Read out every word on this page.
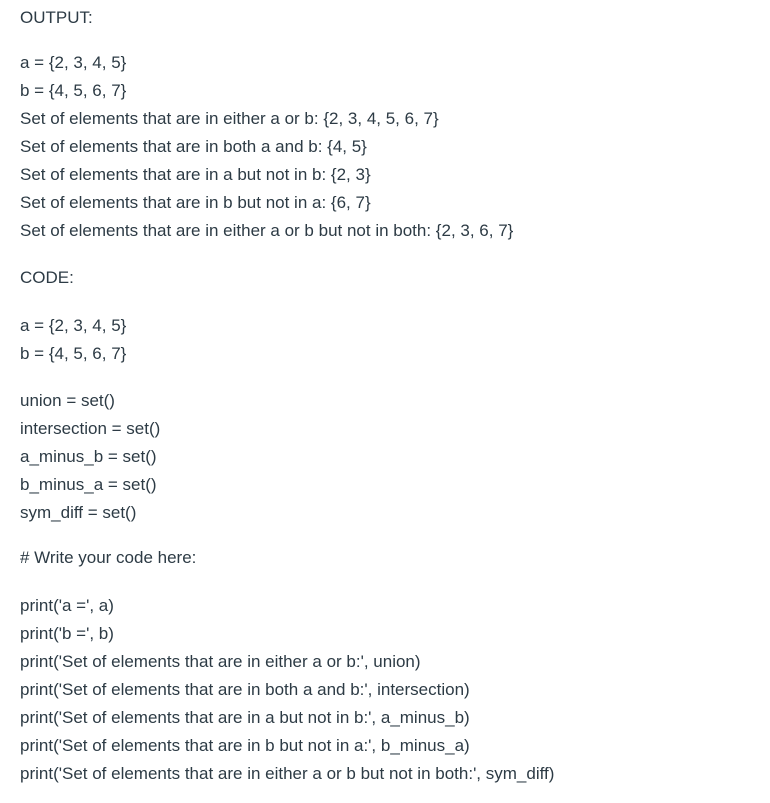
OUTPUT:
a = {2, 3, 4, 5}
b = {4, 5, 6, 7}
Set of elements that are in either a or b: {2, 3, 4, 5, 6, 7}
Set of elements that are in both a and b: {4, 5}
Set of elements that are in a but not in b: {2, 3}
Set of elements that are in b but not in a: {6, 7}
Set of elements that are in either a or b but not in both: {2, 3, 6, 7}
CODE:
a = {2, 3, 4, 5}
b = {4, 5, 6, 7}
union = set()
intersection = set()
a_minus_b = set()
b_minus_a = set()
sym_diff = set()
# Write your code here:
print('a =', a)
print('b =', b)
print('Set of elements that are in either a or b:', union)
print('Set of elements that are in both a and b:', intersection)
print('Set of elements that are in a but not in b:', a_minus_b)
print('Set of elements that are in b but not in a:', b_minus_a)
print('Set of elements that are in either a or b but not in both:', sym_diff)
